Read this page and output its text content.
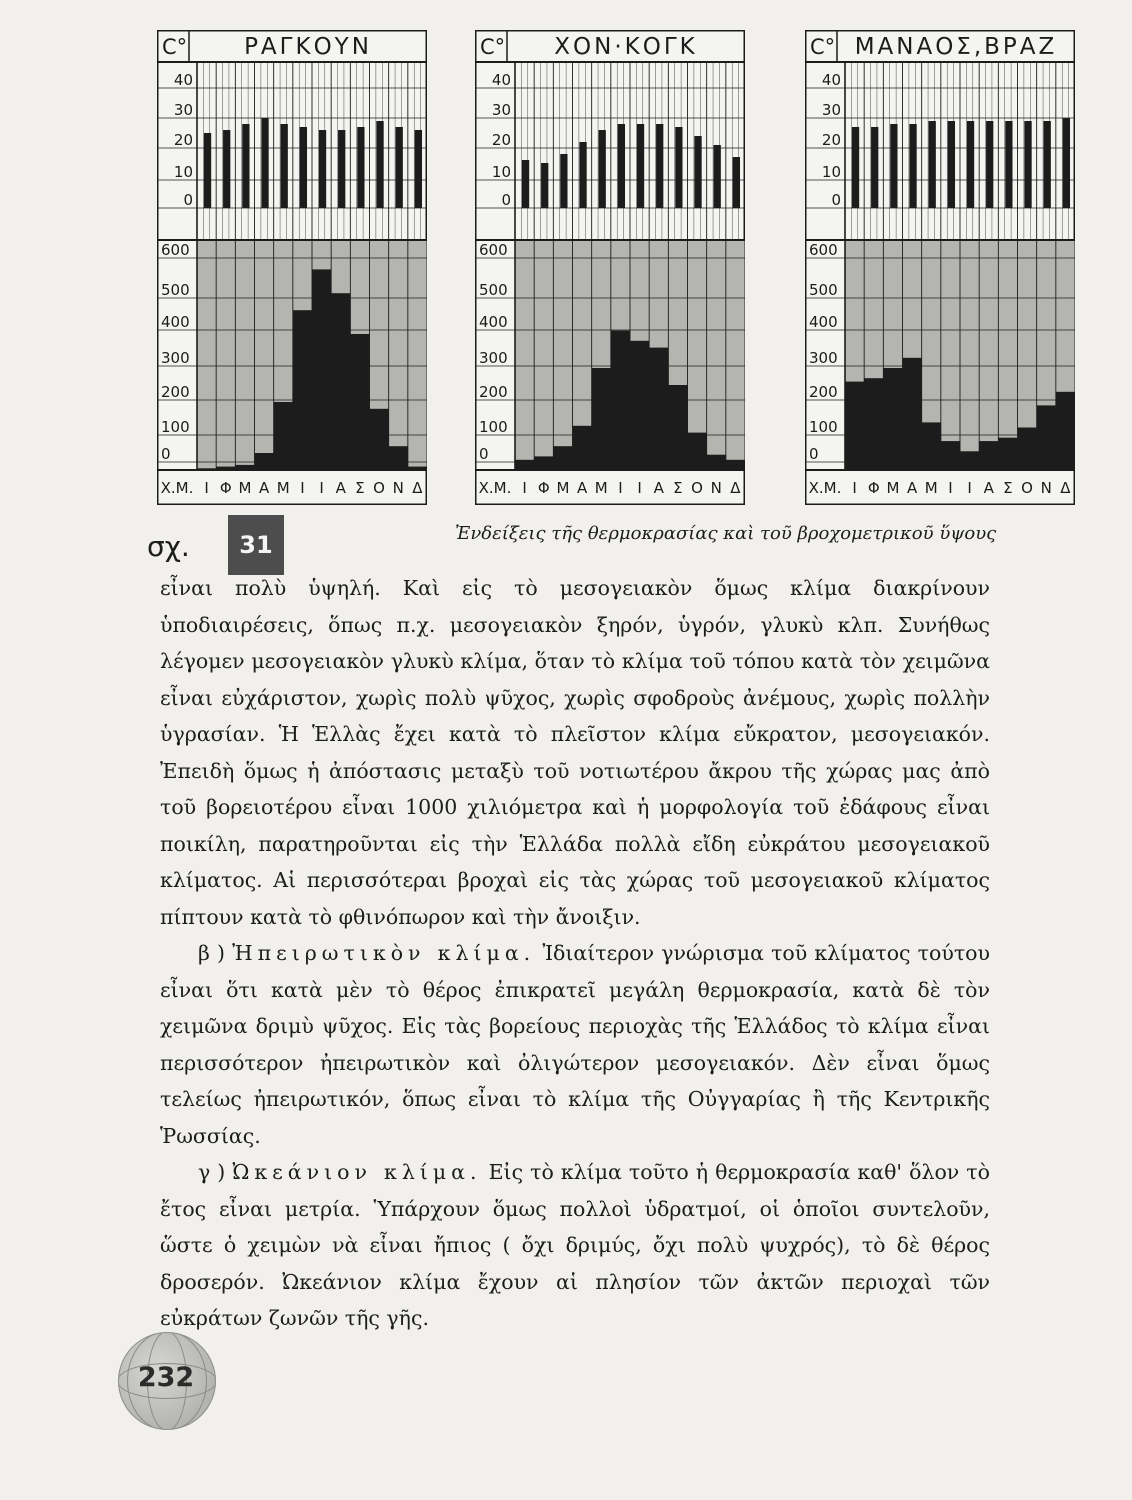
C° ΡΑΓΚΟΥΝ
40
30
20
10
0
600
500
400
300
200
100
0
Χ.Μ. Ι Φ Μ Α Μ Ι Ι Α Σ Ο Ν Δ
C° ΧΟΝ·ΚΟΓΚ
40
30
20
10
0
600
500
400
300
200
100
0
Χ.Μ. Ι Φ Μ Α Μ Ι Ι Α Σ Ο Ν Δ
C° ΜΑΝΑΟΣ,ΒΡΑΖ
40
30
20
10
0
600
500
400
300
200
100
0
Χ.Μ. Ι Φ Μ Α Μ Ι Ι Α Σ Ο Ν Δ
σχ.	31	Ἐνδείξεις τῆς θερμοκρασίας καὶ τοῦ βροχομετρικοῦ ὕψους

εἶναι πολὺ ὑψηλή. Καὶ εἰς τὸ μεσογειακὸν ὅμως κλίμα διακρίνουν ὑποδιαιρέσεις, ὅπως π.χ. μεσογειακὸν ξηρόν, ὑγρόν, γλυκὺ κλπ. Συνήθως λέγομεν μεσογειακὸν γλυκὺ κλίμα, ὅταν τὸ κλίμα τοῦ τόπου κατὰ τὸν χειμῶνα εἶναι εὐχάριστον, χωρὶς πολὺ ψῦχος, χωρὶς σφοδροὺς ἀνέμους, χωρὶς πολλὴν ὑγρασίαν. Ἡ Ἑλλὰς ἔχει κατὰ τὸ πλεῖστον κλίμα εὔκρατον, μεσογειακόν. Ἐπειδὴ ὅμως ἡ ἀπόστασις μεταξὺ τοῦ νοτιωτέρου ἄκρου τῆς χώρας μας ἀπὸ τοῦ βορειοτέρου εἶναι 1000 χιλιόμετρα καὶ ἡ μορφολογία τοῦ ἐδάφους εἶναι ποικίλη, παρατηροῦνται εἰς τὴν Ἑλλάδα πολλὰ εἴδη εὐκράτου μεσογειακοῦ κλίματος. Αἱ περισσότεραι βροχαὶ εἰς τὰς χώρας τοῦ μεσογειακοῦ κλίματος πίπτουν κατὰ τὸ φθινόπωρον καὶ τὴν ἄνοιξιν.

β ) Ἠπειρωτικὸν κλίμα. Ἰδιαίτερον γνώρισμα τοῦ κλίματος τούτου εἶναι ὅτι κατὰ μὲν τὸ θέρος ἐπικρατεῖ μεγάλη θερμοκρασία, κατὰ δὲ τὸν χειμῶνα δριμὺ ψῦχος. Εἰς τὰς βορείους περιοχὰς τῆς Ἑλλάδος τὸ κλίμα εἶναι περισσότερον ἠπειρωτικὸν καὶ ὀλιγώτερον μεσογειακόν. Δὲν εἶναι ὅμως τελείως ἠπειρωτικόν, ὅπως εἶναι τὸ κλίμα τῆς Οὐγγαρίας ἢ τῆς Κεντρικῆς Ῥωσσίας.

γ ) Ὠκεάνιον κλίμα. Εἰς τὸ κλίμα τοῦτο ἡ θερμοκρασία καθ' ὅλον τὸ ἔτος εἶναι μετρία. Ὑπάρχουν ὅμως πολλοὶ ὑδρατμοί, οἱ ὁποῖοι συντελοῦν, ὥστε ὁ χειμὼν νὰ εἶναι ἤπιος ( ὄχι δριμύς, ὄχι πολὺ ψυχρός), τὸ δὲ θέρος δροσερόν. Ὠκεάνιον κλίμα ἔχουν αἱ πλησίον τῶν ἀκτῶν περιοχαὶ τῶν εὐκράτων ζωνῶν τῆς γῆς.

232
